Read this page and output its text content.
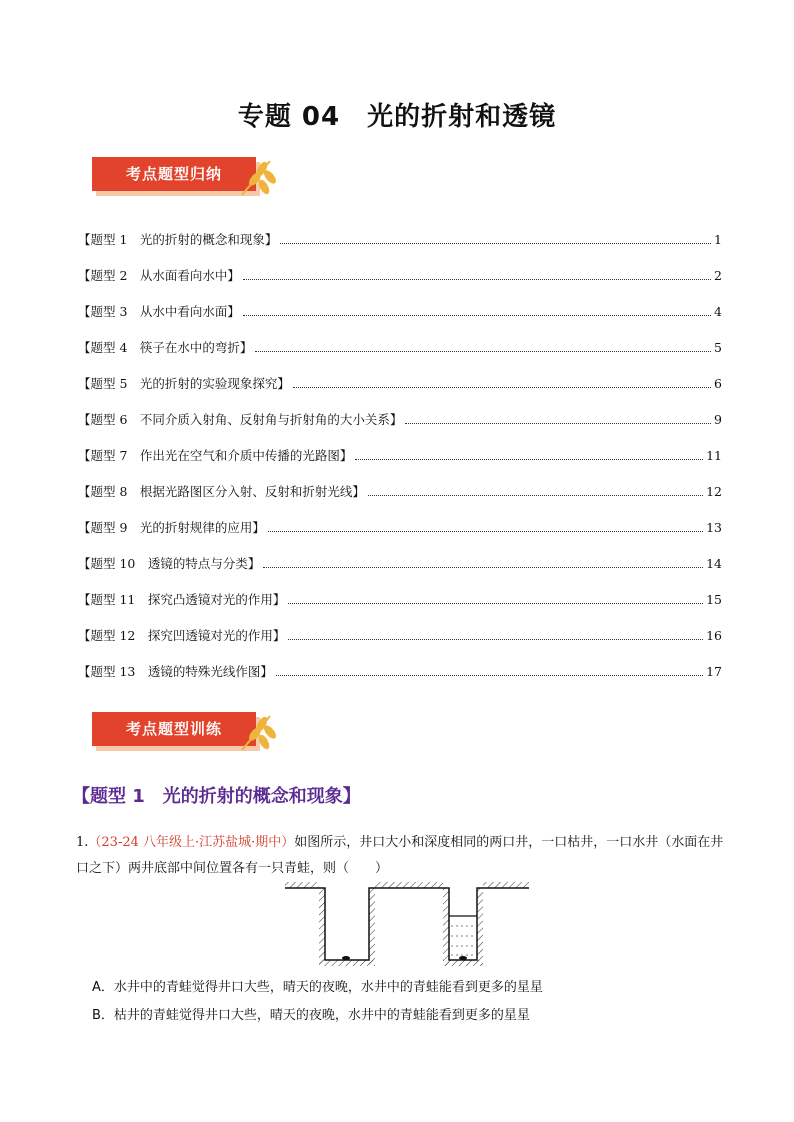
专题 04　光的折射和透镜
考点题型归纳
【题型 1　光的折射的概念和现象】	1
【题型 2　从水面看向水中】	2
【题型 3　从水中看向水面】	4
【题型 4　筷子在水中的弯折】	5
【题型 5　光的折射的实验现象探究】	6
【题型 6　不同介质入射角、反射角与折射角的大小关系】	9
【题型 7　作出光在空气和介质中传播的光路图】	11
【题型 8　根据光路图区分入射、反射和折射光线】	12
【题型 9　光的折射规律的应用】	13
【题型 10　透镜的特点与分类】	14
【题型 11　探究凸透镜对光的作用】	15
【题型 12　探究凹透镜对光的作用】	16
【题型 13　透镜的特殊光线作图】	17
考点题型训练
【题型 1　光的折射的概念和现象】
1.（23-24 八年级上·江苏盐城·期中）如图所示，井口大小和深度相同的两口井，一口枯井，一口水井（水面在井口之下）两井底部中间位置各有一只青蛙，则（　　）
A．水井中的青蛙觉得井口大些，晴天的夜晚，水井中的青蛙能看到更多的星星
B．枯井的青蛙觉得井口大些，晴天的夜晚，水井中的青蛙能看到更多的星星
